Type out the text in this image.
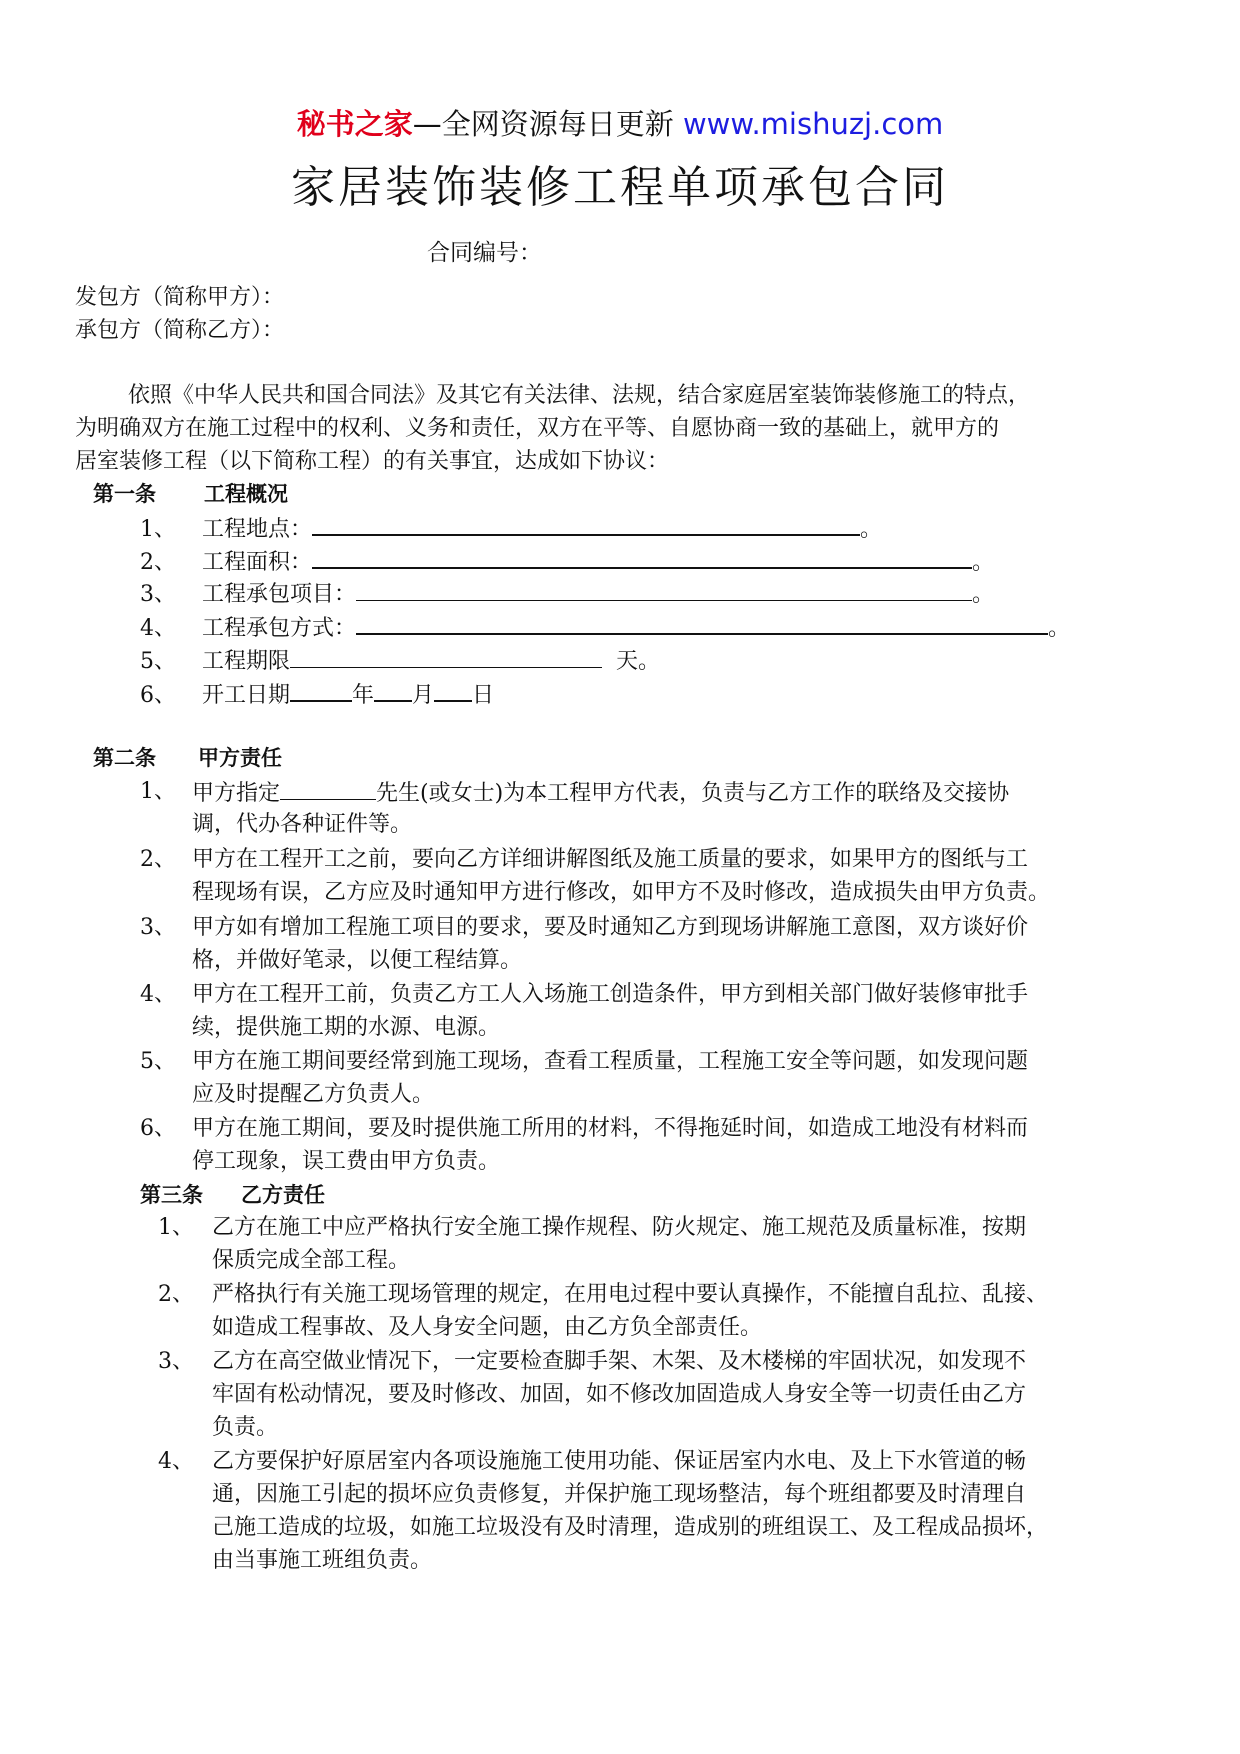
秘书之家—全网资源每日更新 www.mishuzj.com
家居装饰装修工程单项承包合同
合同编号：
发包方（简称甲方）：
承包方（简称乙方）：
依照《中华人民共和国合同法》及其它有关法律、法规，结合家庭居室装饰装修施工的特点，
为明确双方在施工过程中的权利、义务和责任，双方在平等、自愿协商一致的基础上，就甲方的
居室装修工程（以下简称工程）的有关事宜，达成如下协议：
第一条 工程概况
1、 工程地点：	。
2、 工程面积：	。
3、 工程承包项目：	。
4、 工程承包方式：	。
5、 工程期限	天。
6、 开工日期	年 月 日
第二条 甲方责任
1、 甲方指定	先生(或女士)为本工程甲方代表，负责与乙方工作的联络及交接协
调，代办各种证件等。
2、 甲方在工程开工之前，要向乙方详细讲解图纸及施工质量的要求，如果甲方的图纸与工
程现场有误，乙方应及时通知甲方进行修改，如甲方不及时修改，造成损失由甲方负责。
3、 甲方如有增加工程施工项目的要求，要及时通知乙方到现场讲解施工意图，双方谈好价
格，并做好笔录，以便工程结算。
4、 甲方在工程开工前，负责乙方工人入场施工创造条件，甲方到相关部门做好装修审批手
续，提供施工期的水源、电源。
5、 甲方在施工期间要经常到施工现场，查看工程质量，工程施工安全等问题，如发现问题
应及时提醒乙方负责人。
6、 甲方在施工期间，要及时提供施工所用的材料，不得拖延时间，如造成工地没有材料而
停工现象，误工费由甲方负责。
第三条 乙方责任
1、 乙方在施工中应严格执行安全施工操作规程、防火规定、施工规范及质量标准，按期
保质完成全部工程。
2、 严格执行有关施工现场管理的规定，在用电过程中要认真操作，不能擅自乱拉、乱接、
如造成工程事故、及人身安全问题，由乙方负全部责任。
3、 乙方在高空做业情况下，一定要检查脚手架、木架、及木楼梯的牢固状况，如发现不
牢固有松动情况，要及时修改、加固，如不修改加固造成人身安全等一切责任由乙方
负责。
4、 乙方要保护好原居室内各项设施施工使用功能、保证居室内水电、及上下水管道的畅
通，因施工引起的损坏应负责修复，并保护施工现场整洁，每个班组都要及时清理自
己施工造成的垃圾，如施工垃圾没有及时清理，造成别的班组误工、及工程成品损坏，
由当事施工班组负责。
